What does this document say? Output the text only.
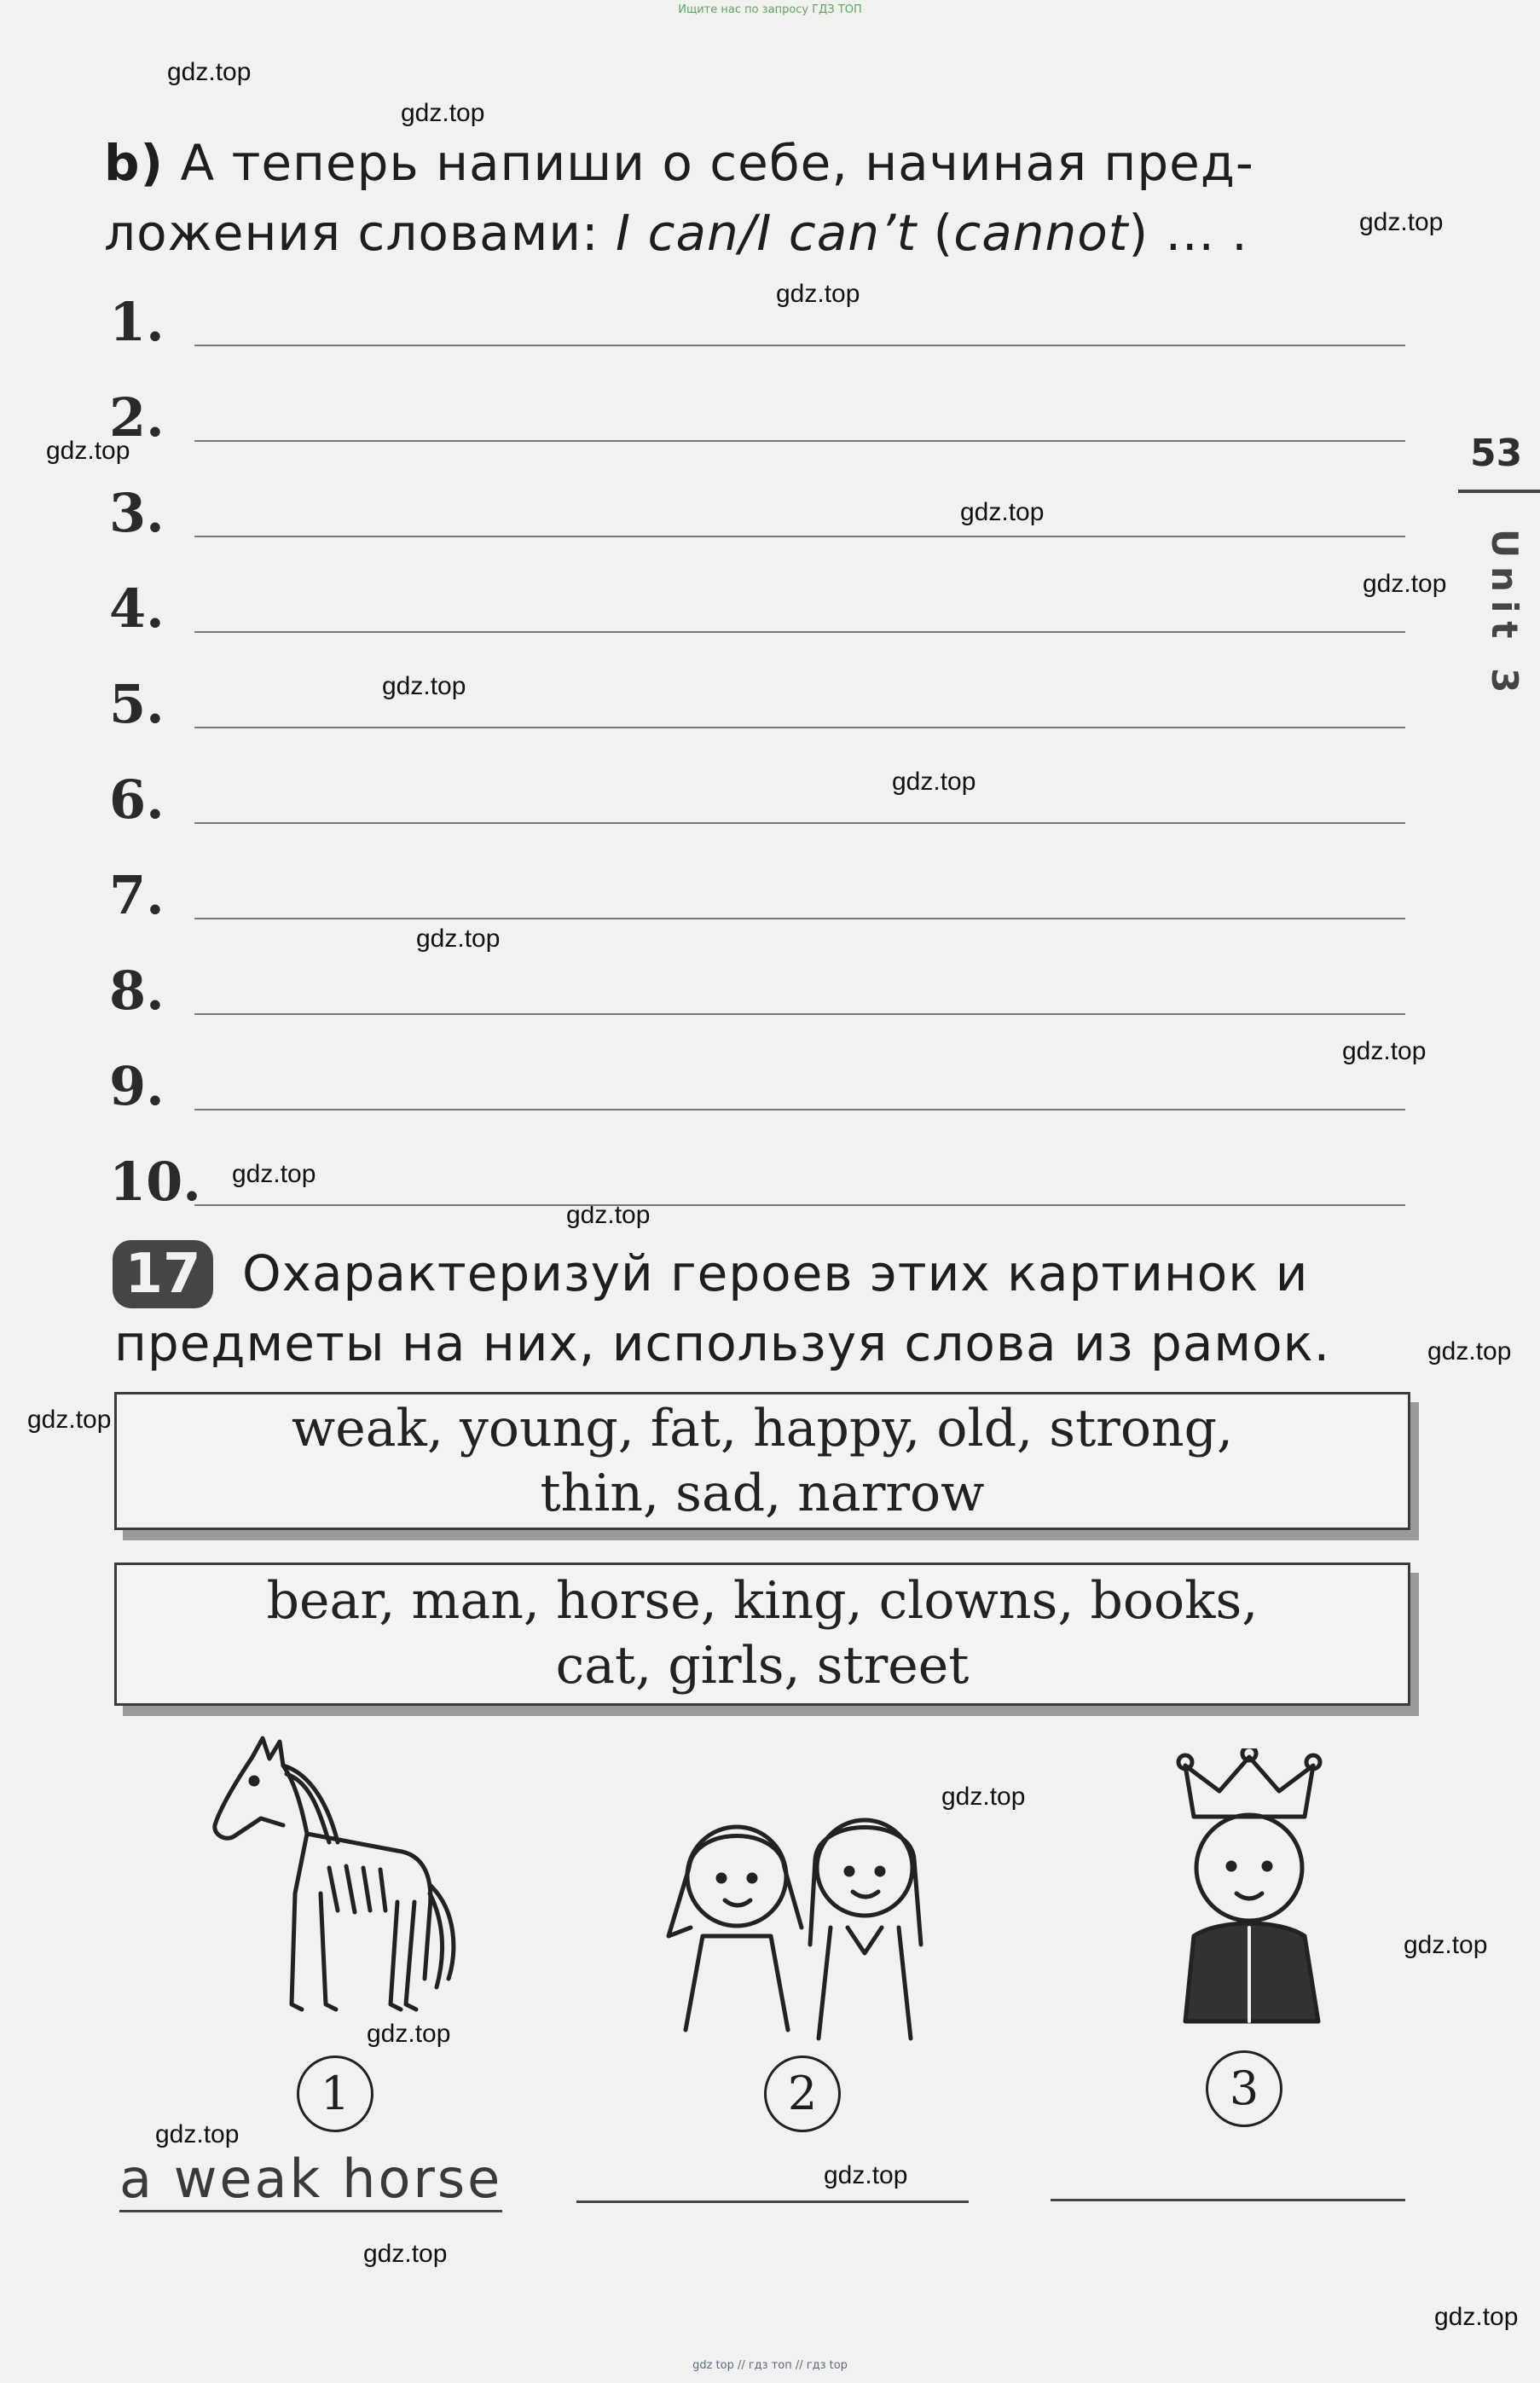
Ищите нас по запросу ГДЗ ТОП
gdz.top
gdz.top
gdz.top
gdz.top
gdz.top
gdz.top
gdz.top
gdz.top
gdz.top
gdz.top
gdz.top
gdz.top
gdz.top
gdz.top
gdz.top
gdz.top
gdz.top
gdz.top
gdz.top
gdz.top
gdz.top
gdz.top
53
Unit 3
b) А теперь напиши о себе, начиная пред-ложения словами: I can/I can’t (cannot) ... .
1.
2.
3.
4.
5.
6.
7.
8.
9.
10.
Охарактеризуй героев этих картинок и предметы на них, используя слова из рамок.
17
weak, young, fat, happy, old, strong,
thin, sad, narrow
bear, man, horse, king, clowns, books,
cat, girls, street
1	2	3
a weak horse
gdz top // гдз топ // гдз top
